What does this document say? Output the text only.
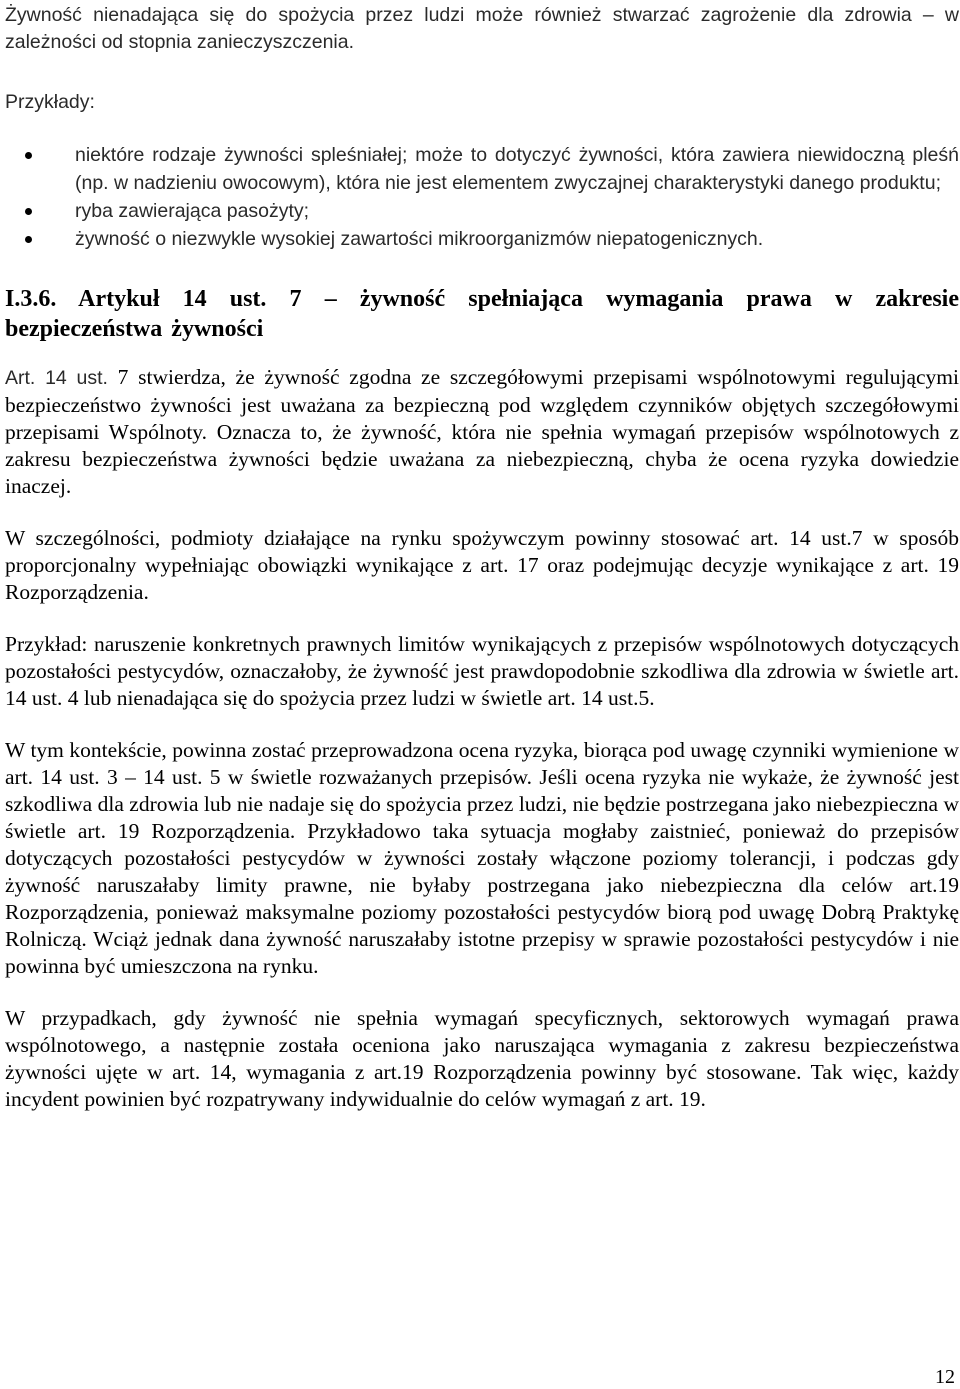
Żywność nienadająca się do spożycia przez ludzi może również stwarzać zagrożenie dla zdrowia – w zależności od stopnia zanieczyszczenia.

Przykłady:

niektóre rodzaje żywności spleśniałej; może to dotyczyć żywności, która zawiera niewidoczną pleśń (np. w nadzieniu owocowym), która nie jest elementem zwyczajnej charakterystyki danego produktu;
ryba zawierająca pasożyty;
żywność o niezwykle wysokiej zawartości mikroorganizmów niepatogenicznych.
I.3.6. Artykuł 14 ust. 7 – żywność spełniająca wymagania prawa w zakresie bezpieczeństwa żywności

Art. 14 ust. 7 stwierdza, że żywność zgodna ze szczegółowymi przepisami wspólnotowymi regulującymi bezpieczeństwo żywności jest uważana za bezpieczną pod względem czynników objętych szczegółowymi przepisami Wspólnoty. Oznacza to, że żywność, która nie spełnia wymagań przepisów wspólnotowych z zakresu bezpieczeństwa żywności będzie uważana za niebezpieczną, chyba że ocena ryzyka dowiedzie inaczej.

W szczególności, podmioty działające na rynku spożywczym powinny stosować art. 14 ust.7 w sposób proporcjonalny wypełniając obowiązki wynikające z art. 17 oraz podejmując decyzje wynikające z art. 19 Rozporządzenia.

Przykład: naruszenie konkretnych prawnych limitów wynikających z przepisów wspólnotowych dotyczących pozostałości pestycydów, oznaczałoby, że żywność jest prawdopodobnie szkodliwa dla zdrowia w świetle art. 14 ust. 4 lub nienadająca się do spożycia przez ludzi w świetle art. 14 ust.5.

W tym kontekście, powinna zostać przeprowadzona ocena ryzyka, biorąca pod uwagę czynniki wymienione w art. 14 ust. 3 – 14 ust. 5 w świetle rozważanych przepisów. Jeśli ocena ryzyka nie wykaże, że żywność jest szkodliwa dla zdrowia lub nie nadaje się do spożycia przez ludzi, nie będzie postrzegana jako niebezpieczna w świetle art. 19 Rozporządzenia. Przykładowo taka sytuacja mogłaby zaistnieć, ponieważ do przepisów dotyczących pozostałości pestycydów w żywności zostały włączone poziomy tolerancji, i podczas gdy żywność naruszałaby limity prawne, nie byłaby postrzegana jako niebezpieczna dla celów art.19 Rozporządzenia, ponieważ maksymalne poziomy pozostałości pestycydów biorą pod uwagę Dobrą Praktykę Rolniczą. Wciąż jednak dana żywność naruszałaby istotne przepisy w sprawie pozostałości pestycydów i nie powinna być umieszczona na rynku.

W przypadkach, gdy żywność nie spełnia wymagań specyficznych, sektorowych wymagań prawa wspólnotowego, a następnie została oceniona jako naruszająca wymagania z zakresu bezpieczeństwa żywności ujęte w art. 14, wymagania z art.19 Rozporządzenia powinny być stosowane. Tak więc, każdy incydent powinien być rozpatrywany indywidualnie do celów wymagań z art. 19.

12
